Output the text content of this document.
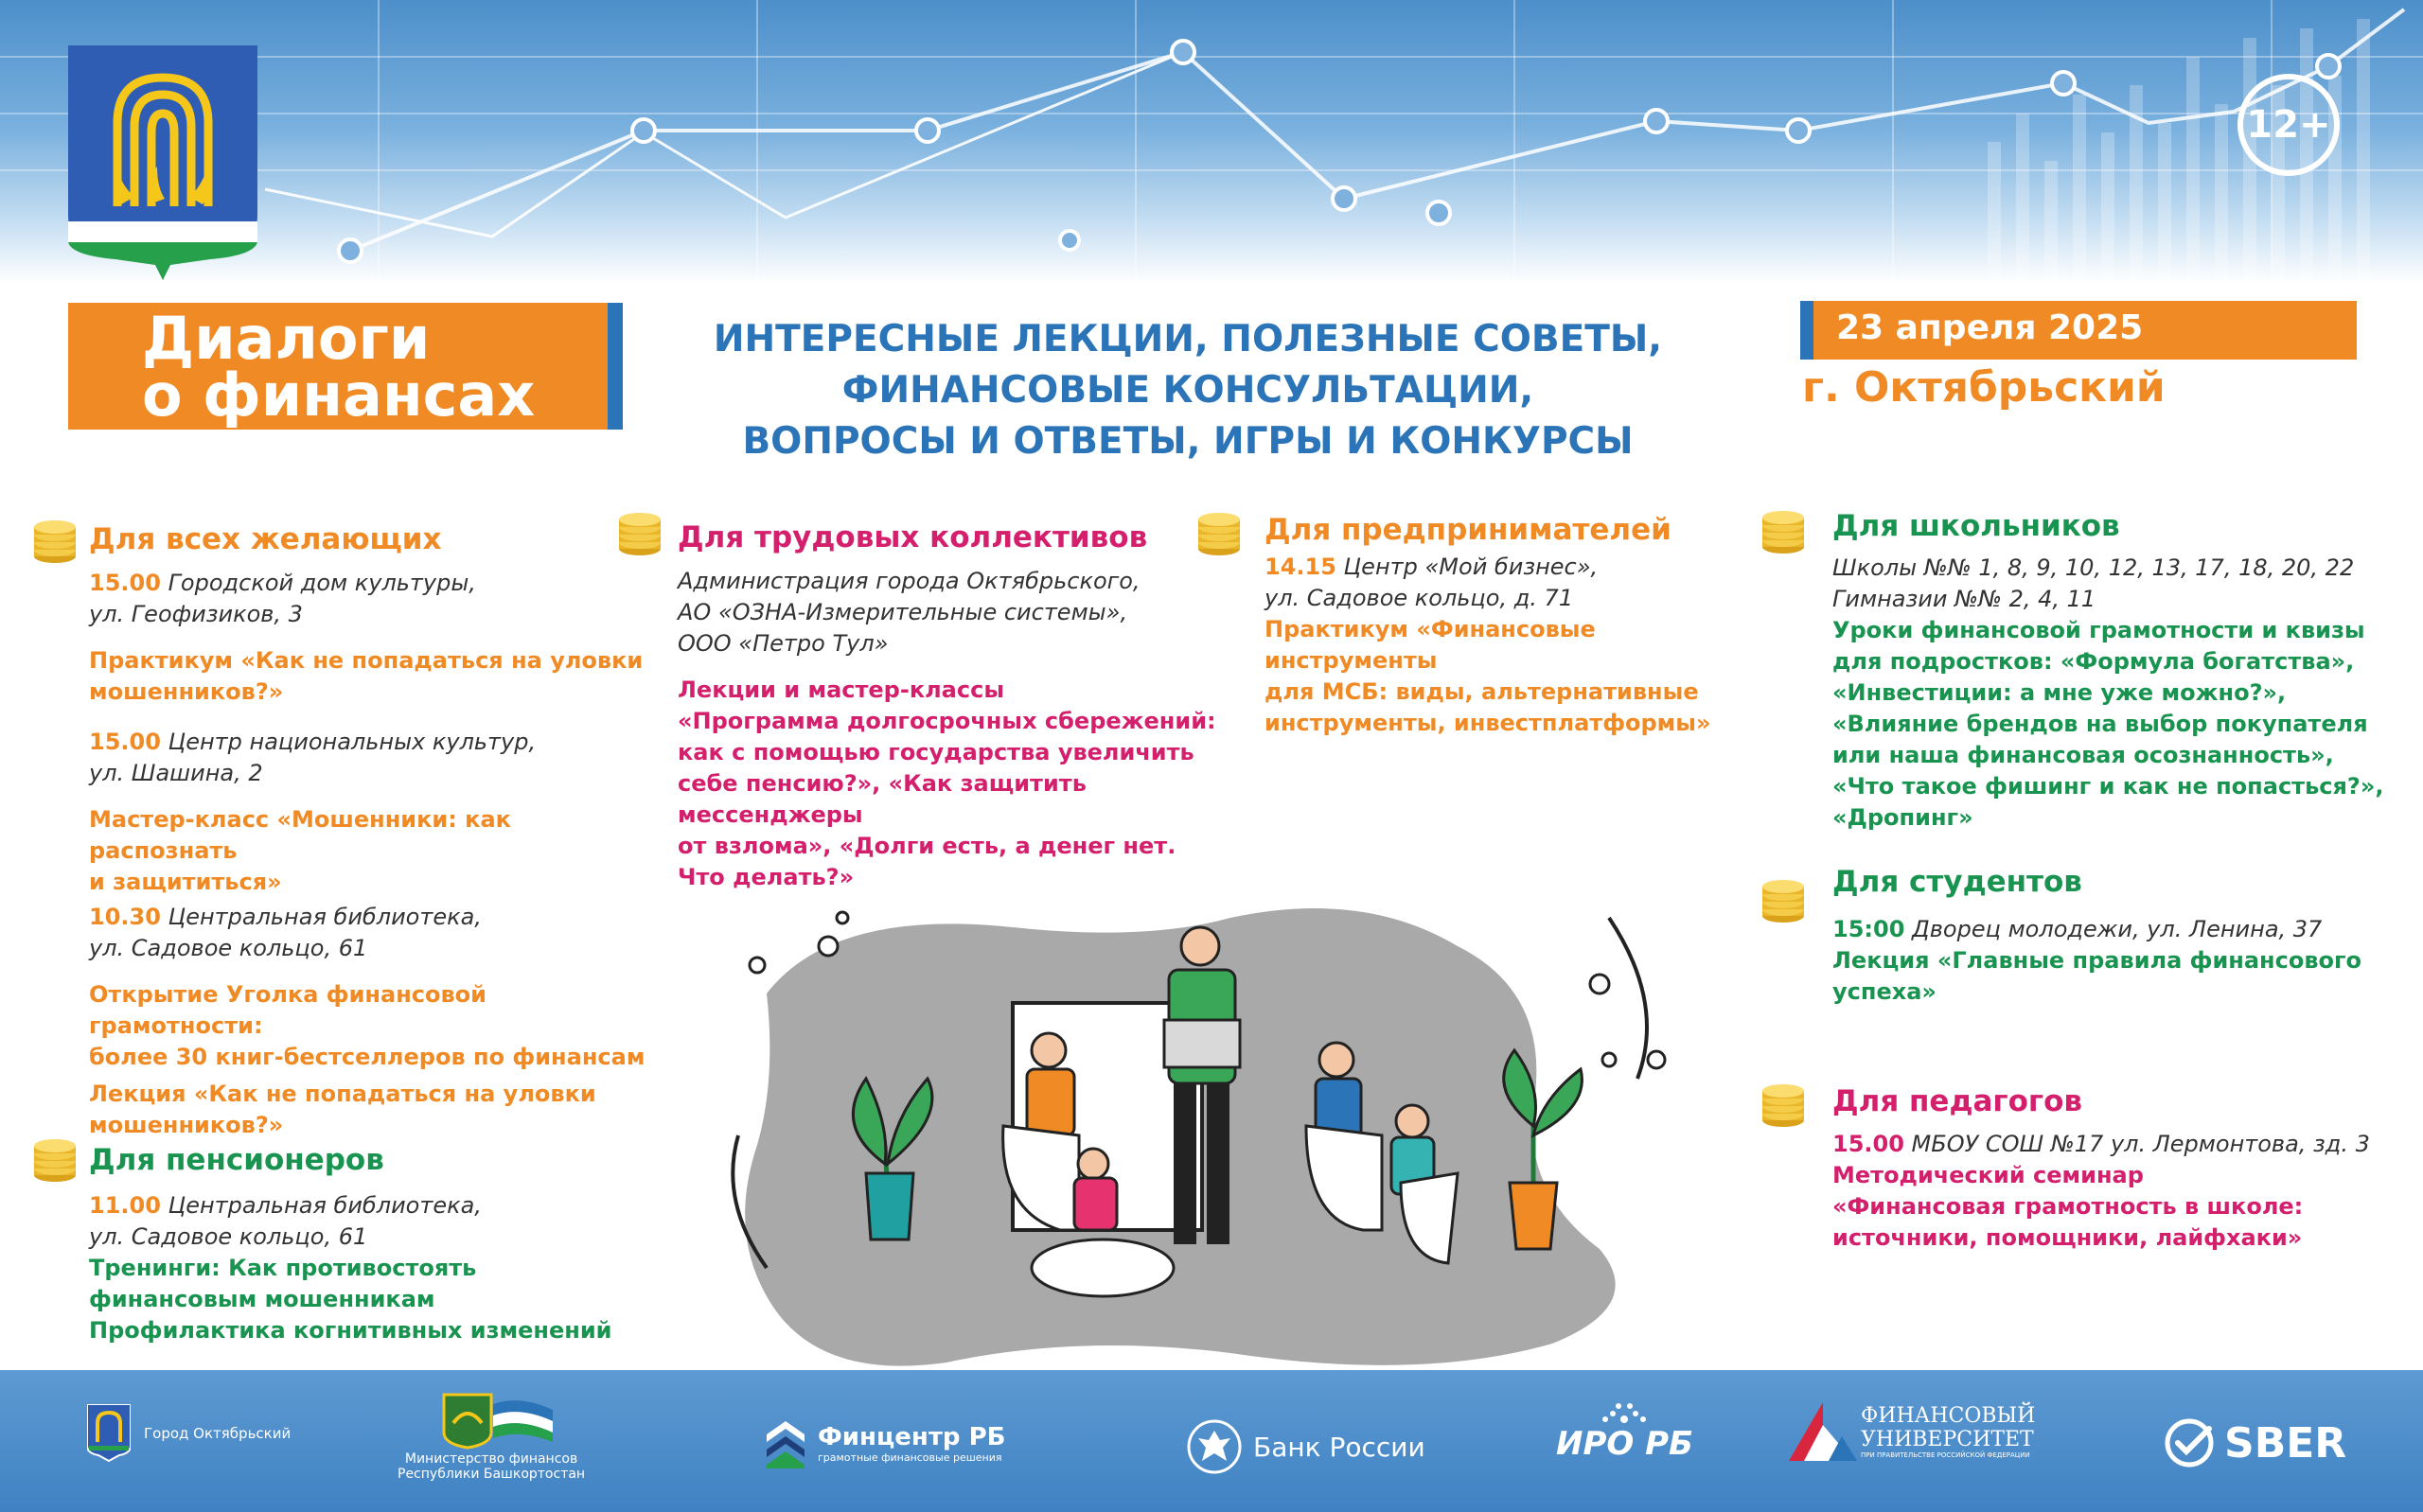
12+
Диалоги
о финансах
ИНТЕРЕСНЫЕ ЛЕКЦИИ, ПОЛЕЗНЫЕ СОВЕТЫ,
ФИНАНСОВЫЕ КОНСУЛЬТАЦИИ,
ВОПРОСЫ И ОТВЕТЫ, ИГРЫ И КОНКУРСЫ
23 апреля 2025
г. Октябрьский
Для всех желающих

15.00 Городской дом культуры,

ул. Геофизиков, 3

Практикум «Как не попадаться на уловки

мошенников?»

15.00 Центр национальных культур,

ул. Шашина, 2

Мастер-класс «Мошенники: как распознать

и защититься»

10.30 Центральная библиотека,

ул. Садовое кольцо, 61

Открытие Уголка финансовой грамотности:

более 30 книг-бестселлеров по финансам

Лекция «Как не попадаться на уловки

мошенников?»

Для пенсионеров

11.00 Центральная библиотека,

ул. Садовое кольцо, 61

Тренинги: Как противостоять

финансовым мошенникам

Профилактика когнитивных изменений

Для трудовых коллективов

Администрация города Октябрьского,

АО «ОЗНА-Измерительные системы»,

ООО «Петро Тул»

Лекции и мастер-классы

«Программа долгосрочных сбережений:

как с помощью государства увеличить

себе пенсию?», «Как защитить мессенджеры

от взлома», «Долги есть, а денег нет.

Что делать?»

Для предпринимателей

14.15 Центр «Мой бизнес»,

ул. Садовое кольцо, д. 71

Практикум «Финансовые инструменты

для МСБ: виды, альтернативные

инструменты, инвестплатформы»

Для школьников

Школы №№ 1, 8, 9, 10, 12, 13, 17, 18, 20, 22

Гимназии №№ 2, 4, 11

Уроки финансовой грамотности и квизы

для подростков: «Формула богатства»,

«Инвестиции: а мне уже можно?»,

«Влияние брендов на выбор покупателя

или наша финансовая осознанность»,

«Что такое фишинг и как не попасться?»,

«Дропинг»

Для студентов

15:00 Дворец молодежи, ул. Ленина, 37

Лекция «Главные правила финансового

успеха»

Для педагогов

15.00 МБОУ СОШ №17 ул. Лермонтова, зд. 3

Методический семинар

«Финансовая грамотность в школе:

источники, помощники, лайфхаки»

Город Октябрьский
Министерство финансов
Республики Башкортостан
Финцентр РБ
грамотные финансовые решения	Банк России	ИРО РБ
ФИНАНСОВЫЙ
УНИВЕРСИТЕТ
ПРИ ПРАВИТЕЛЬСТВЕ РОССИЙСКОЙ ФЕДЕРАЦИИ	SBER
